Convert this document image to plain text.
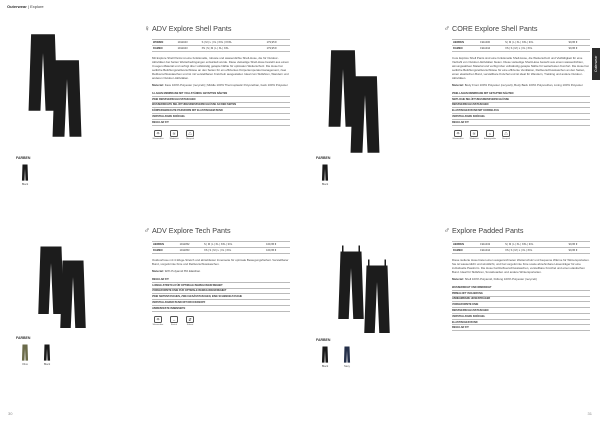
Outerwear | Explore
30
Outerwear
31
♀
FARBEN
Black
ADV Explore Shell Pants
WOMEN	1911043	S | M | L | XL | XXL | XXXL	179,95 €
DAMEN	1911043	XS | S | M | L | XL | XXL	179,95 €
Mit Explore Shell Pants ist eine funktionelle, robuste und wasserdichte Shell-Hose, die für Outdoor-Aktivitäten bei harten Wetterbedingungen entwickelt wurde. Diese vielseitige Shell-Hose besteht aus einem 3-Lagen-Material und verfügt über vollständig getapte Nähte für optimalen Wetterschutz. Die Hose hat seitliche Belüftungsreißverschlüsse an den Seiten für ein effizientes Körpertemperaturmanagement, zwei Reißverschlusstaschen und ist mit verstellbaren Knöcheln ausgestattet. Ideal zum Skifahren, Wandern und anderen Outdoor-Aktivitäten.
Material: Face 100% Polyester (recycelt) | Middle 100% Thermoplastic Polyurethan, back 100% Polyester
3-LAGEN MEMBRANE MIT VOLLSTÄNDIG GETAPTEN NÄHTEN
ZWEI REISSVERSCHLUSSTASCHEN
WASSERDICHTE BELÜFTUNGSREISSVERSCHLÜSSE AN DEN SEITEN
KÖRPERGERECHTE PASSFORM MIT ELASTISCHEM BUND
VERSTELLBARE KNÖCHEL
REGULAR FIT
☂
Wasserdicht
≋
Winddicht
♺
Recycelt
♂
FARBEN
Black
CORE Explore Shell Pants
HERREN	1911030	S | M | L | XL | XXL | 3XL	99,95 €
DAMEN	1911044	XS | S | M | L | XL | XXL	99,95 €
Core Explore Shell Pants sind eine funktionelle Shell-Hose, die Wetterschutz und Vielfältigkeit für eine Vielzahl von Outdoor-Aktivitäten bieten. Diese vielseitige Shell-Hose besteht aus einem wasserdichten, atmungsaktiven Material und verfügt über vollständig getapte Nähte für wetterfesten Komfort. Die Hose hat seitliche Belüftungsreißverschlüsse für eine effiziente Ventilation, Reißverschlusstaschen an den Seiten, einen elastischen Bund, verstellbare Knöchel und ist ideal für Wandern, Trekking und andere Outdoor-Aktivitäten.
Material: Body Front 100% Polyester (recycelt), Body Back 100% Polyurethan, Lining 100% Polyester
ZWEI-LAGEN MEMBRANE MIT GETAPTEN NÄHTEN
SEITLICHE BELÜFTUNGSREISSVERSCHLÜSSE
REISSVERSCHLUSSTASCHEN
ELASTISCHER BUND MIT KORDELZUG
VERSTELLBARE KNÖCHEL
REGULAR FIT
☂
Wasserdicht
≋
Winddicht
☼
Atmungsaktiv
♺
Recycelt
♂
FARBEN
Olive	Black
ADV Explore Tech Pants
HERREN	1911052	S | M | L | XL | XXL | 3XL	109,95 €
DAMEN	1911053	XS | S | M | L | XL | XXL	109,95 €
Outdoorhose mit 4-Wege-Stretch und abriebfester Innenseite für optimale Bewegungsfreiheit. Verstellbarer Bund, vorgeformte Knie und Reißverschlusstaschen.
Material: 92% Polyamid 8% Elasthan
REGULAR FIT
4-WEGE-STRETCH FÜR OPTIMALE BEWEGUNGSFREIHEIT
VORGEFORMTE KNIE FÜR OPTIMALE BEWEGUNGSFREIHEIT
ZWEI SEITENTASCHEN, ZWEI GESÄSSTASCHEN, EINE SCHENKELTASCHE
VERSTELLBARER BUND MIT DRUCKKNOPF
ABRIEBFESTE INNENSEITE
☂
Wasserabw.
↔
Stretch
⇵
Robust
♂
FARBEN
Black	Navy
Explore Padded Pants
HERREN	1911043	S | M | L | XL | XXL | 3XL	99,95 €
DAMEN	1911044	XS | S | M | L | XL | XXL	99,95 €
Diese isolierte Hose bietet einen ausgezeichneten Wetterschutz und bequeme Wärme für Wintersportarten. Sie ist wasserdicht und winddicht, und hat vorgeformte Knie sowie abnehmbare Hosenträger für eine individuelle Passform. Die Hose hat Reißverschlusstaschen, verstellbare Knöchel und einen elastischen Bund. Ideal für Skifahren, Snowboarden und andere Wintersportarten.
Material: Shell 100% Polyamid, Füllung 100% Polyester (recycelt)
WASSERDICHT UND WINDDICHT
PRIMALOFT ISOLIERUNG
ABNEHMBARE HOSENTRÄGER
VORGEFORMTE KNIE
REISSVERSCHLUSSTASCHEN
VERSTELLBARE KNÖCHEL
ELASTISCHER BUND
REGULAR FIT
